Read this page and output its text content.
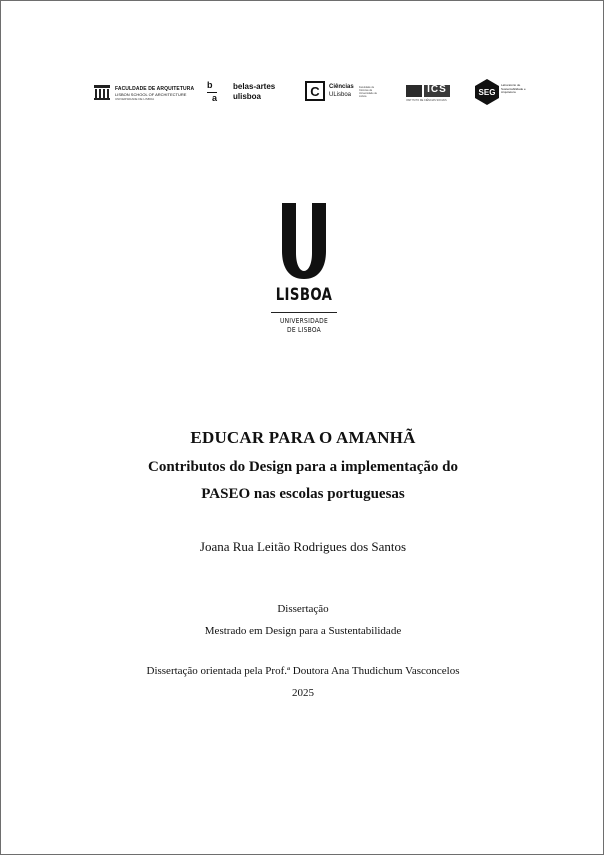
FACULDADE DE ARQUITETURA
LISBON SCHOOL OF ARCHITECTURE
UNIVERSIDADE DE LISBOA
b
a
belas-artes
ulisboa	C Ciências
ULisboa
Faculdade de Ciências da Universidade de Lisboa
ICS
INSTITUTO DE CIÊNCIAS SOCIAIS
SEG
Laboratório de Sustentabilidade e Arquitetura
LISBOA
UNIVERSIDADE
DE LISBOA
EDUCAR PARA O AMANHÃ
Contributos do Design para a implementação do
PASEO nas escolas portuguesas
Joana Rua Leitão Rodrigues dos Santos
Dissertação
Mestrado em Design para a Sustentabilidade
Dissertação orientada pela Prof.ª Doutora Ana Thudichum Vasconcelos
2025
